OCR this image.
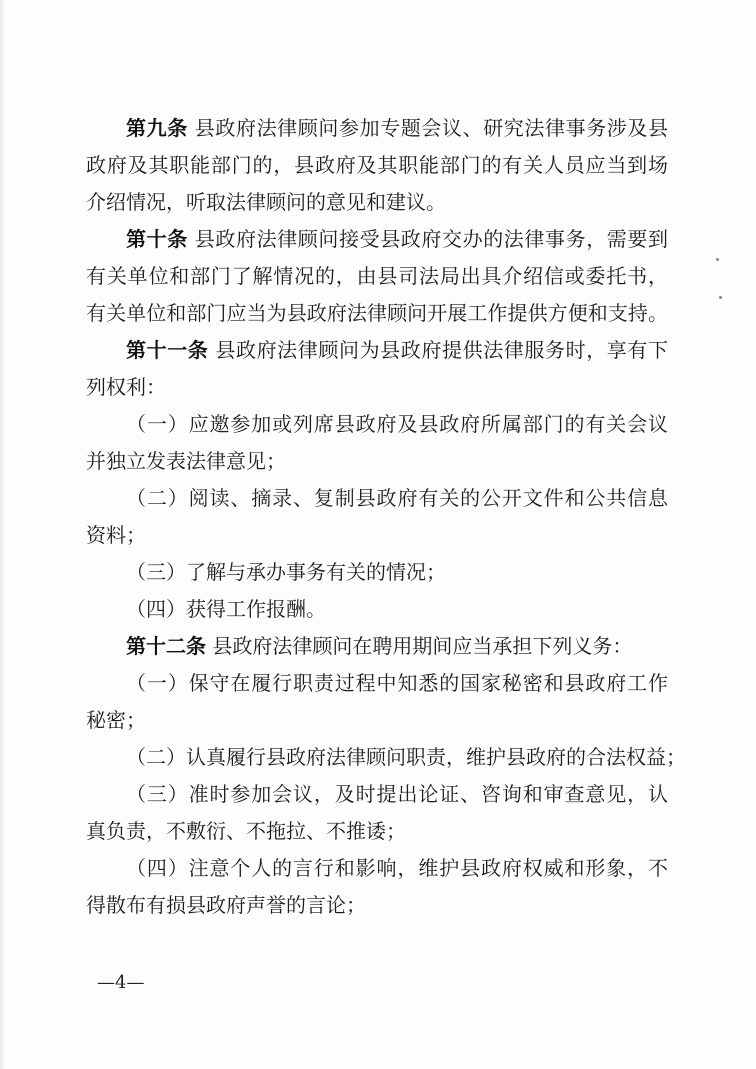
第九条 县政府法律顾问参加专题会议、研究法律事务涉及县
政府及其职能部门的，县政府及其职能部门的有关人员应当到场
介绍情况，听取法律顾问的意见和建议。
第十条 县政府法律顾问接受县政府交办的法律事务，需要到
有关单位和部门了解情况的，由县司法局出具介绍信或委托书，
有关单位和部门应当为县政府法律顾问开展工作提供方便和支持。
第十一条 县政府法律顾问为县政府提供法律服务时，享有下
列权利：
（一）应邀参加或列席县政府及县政府所属部门的有关会议
并独立发表法律意见；
（二）阅读、摘录、复制县政府有关的公开文件和公共信息
资料；
（三）了解与承办事务有关的情况；
（四）获得工作报酬。
第十二条 县政府法律顾问在聘用期间应当承担下列义务：
（一）保守在履行职责过程中知悉的国家秘密和县政府工作
秘密；
（二）认真履行县政府法律顾问职责，维护县政府的合法权益；
（三）准时参加会议，及时提出论证、咨询和审查意见，认
真负责，不敷衍、不拖拉、不推诿；
（四）注意个人的言行和影响，维护县政府权威和形象，不
得散布有损县政府声誉的言论；
—4—
